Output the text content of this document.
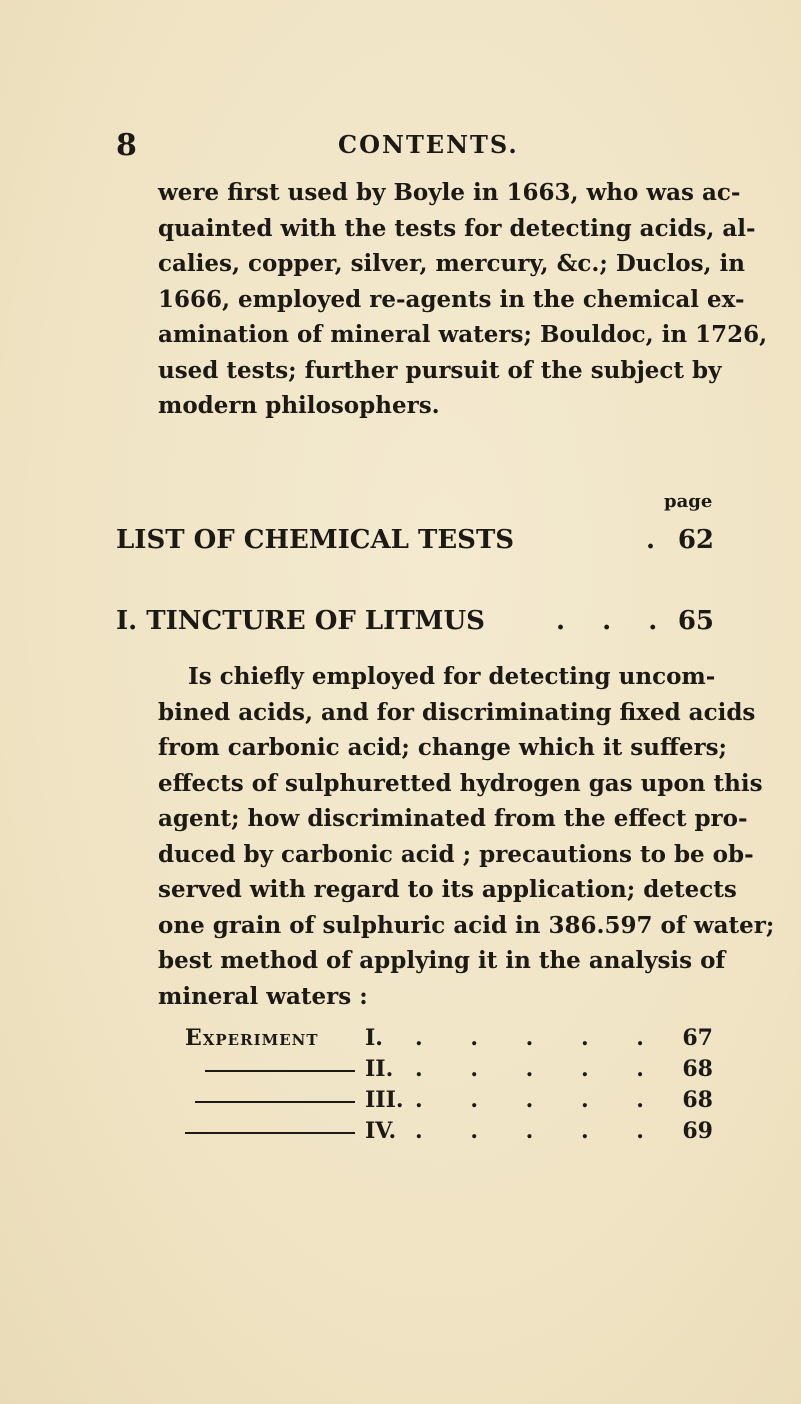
8	CONTENTS.
were first used by Boyle in 1663, who was ac-
quainted with the tests for detecting acids, al-
calies, copper, silver, mercury, &c.; Duclos, in
1666, employed re-agents in the chemical ex-
amination of mineral waters; Bouldoc, in 1726,
used tests; further pursuit of the subject by
modern philosophers.
page
LIST OF CHEMICAL TESTS	. 62
I. TINCTURE OF LITMUS	. . . 65
Is chiefly employed for detecting uncom-
bined acids, and for discriminating fixed acids
from carbonic acid; change which it suffers;
effects of sulphuretted hydrogen gas upon this
agent; how discriminated from the effect pro-
duced by carbonic acid ; precautions to be ob-
served with regard to its application; detects
one grain of sulphuric acid in 386.597 of water;
best method of applying it in the analysis of
mineral waters :
Experiment I. . . . . . 67
II. . . . . . 68
III. . . . . . 68
IV. . . . . . 69
